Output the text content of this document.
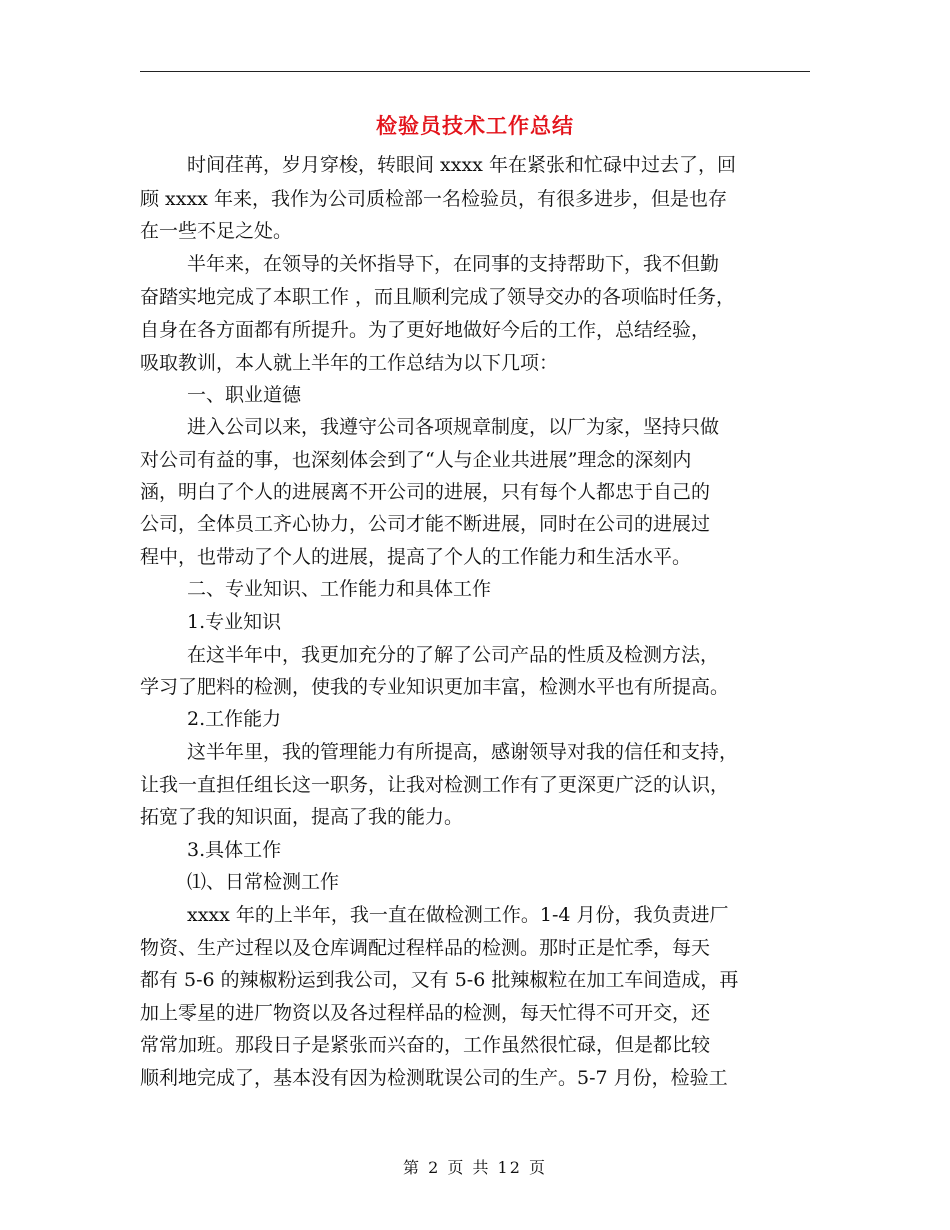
检验员技术工作总结
时间荏苒，岁月穿梭，转眼间 xxxx 年在紧张和忙碌中过去了，回
顾 xxxx 年来，我作为公司质检部一名检验员，有很多进步，但是也存
在一些不足之处。
半年来，在领导的关怀指导下，在同事的支持帮助下，我不但勤
奋踏实地完成了本职工作 ，而且顺利完成了领导交办的各项临时任务，
自身在各方面都有所提升。为了更好地做好今后的工作，总结经验，
吸取教训，本人就上半年的工作总结为以下几项：
一、职业道德
进入公司以来，我遵守公司各项规章制度，以厂为家，坚持只做
对公司有益的事，也深刻体会到了“人与企业共进展”理念的深刻内
涵，明白了个人的进展离不开公司的进展，只有每个人都忠于自己的
公司，全体员工齐心协力，公司才能不断进展，同时在公司的进展过
程中，也带动了个人的进展，提高了个人的工作能力和生活水平。
二、专业知识、工作能力和具体工作
1.专业知识
在这半年中，我更加充分的了解了公司产品的性质及检测方法，
学习了肥料的检测，使我的专业知识更加丰富，检测水平也有所提高。
2.工作能力
这半年里，我的管理能力有所提高，感谢领导对我的信任和支持，
让我一直担任组长这一职务，让我对检测工作有了更深更广泛的认识，
拓宽了我的知识面，提高了我的能力。
3.具体工作
⑴、日常检测工作
xxxx 年的上半年，我一直在做检测工作。1-4 月份，我负责进厂
物资、生产过程以及仓库调配过程样品的检测。那时正是忙季，每天
都有 5-6 的辣椒粉运到我公司，又有 5-6 批辣椒粒在加工车间造成，再
加上零星的进厂物资以及各过程样品的检测，每天忙得不可开交，还
常常加班。那段日子是紧张而兴奋的，工作虽然很忙碌，但是都比较
顺利地完成了，基本没有因为检测耽误公司的生产。5-7 月份，检验工
第 2 页 共 12 页
